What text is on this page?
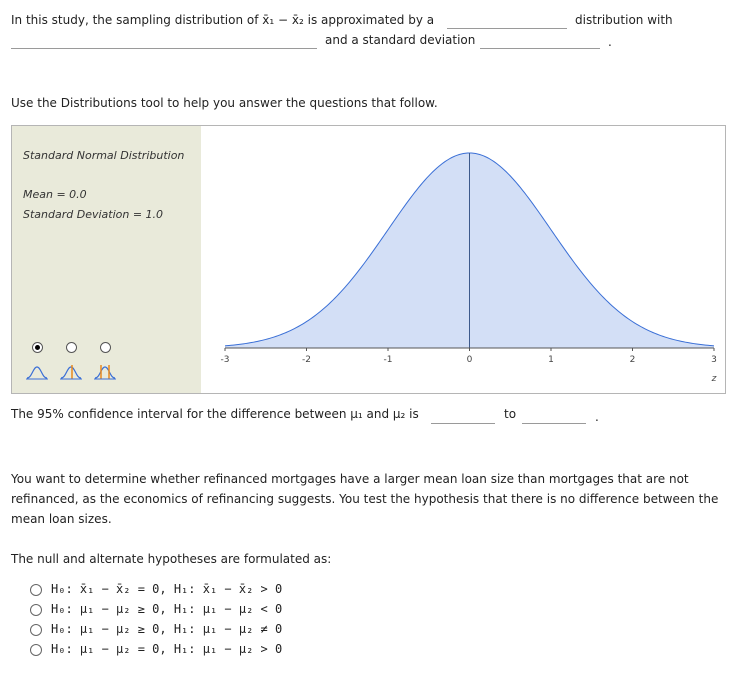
In this study, the sampling distribution of x̄₁ − x̄₂ is approximated by a	distribution with
and a standard deviation	.
Use the Distributions tool to help you answer the questions that follow.
Standard Normal Distribution
Mean = 0.0
Standard Deviation = 1.0
-3	-2	-1	0	1	2	3
z
The 95% confidence interval for the difference between μ₁ and μ₂ is	to	.
You want to determine whether refinanced mortgages have a larger mean loan size than mortgages that are not refinanced, as the economics of refinancing suggests. You test the hypothesis that there is no difference between the mean loan sizes.
The null and alternate hypotheses are formulated as:
H₀: x̄₁ − x̄₂ = 0, H₁: x̄₁ − x̄₂ > 0
H₀: μ₁ − μ₂ ≥ 0, H₁: μ₁ − μ₂ < 0
H₀: μ₁ − μ₂ ≥ 0, H₁: μ₁ − μ₂ ≠ 0
H₀: μ₁ − μ₂ = 0, H₁: μ₁ − μ₂ > 0
